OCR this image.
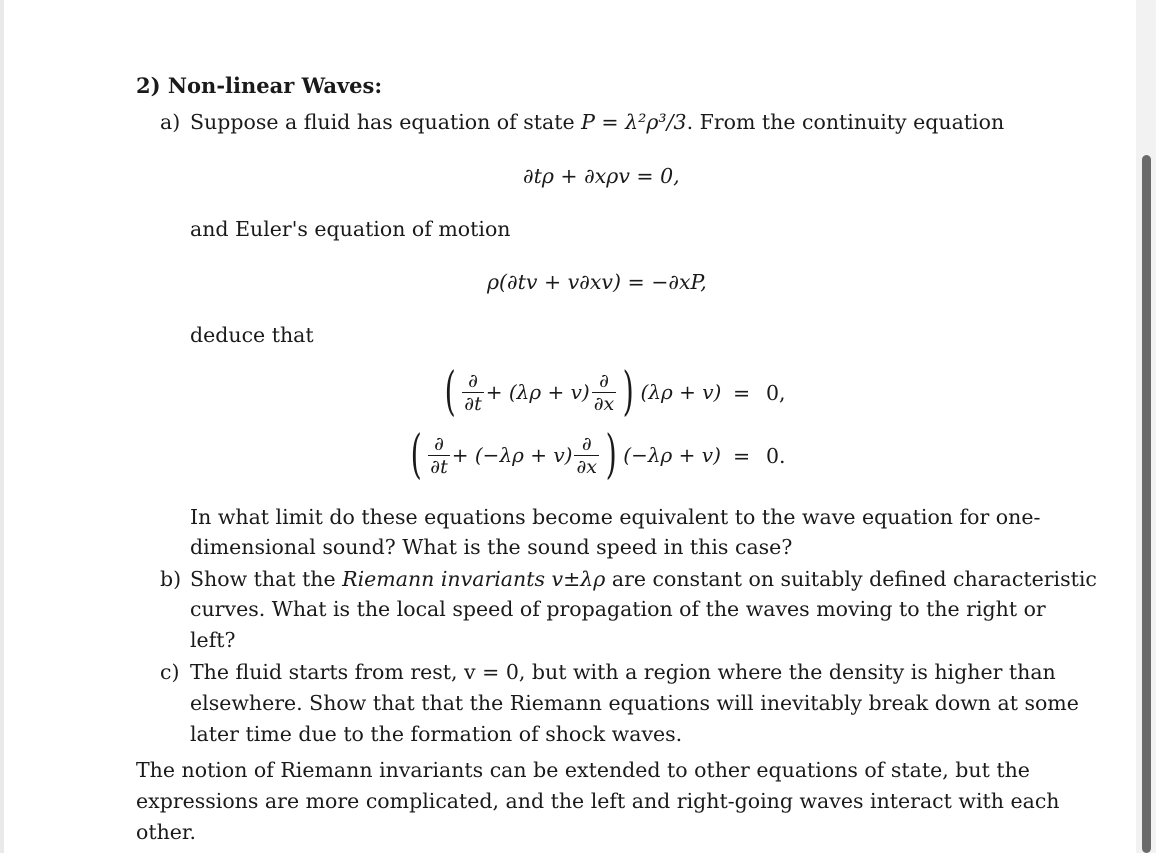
2) Non-linear Waves:
a) Suppose a fluid has equation of state P = λ²ρ³/3. From the continuity equation
∂tρ + ∂xρv = 0,
and Euler's equation of motion
ρ(∂tv + v∂xv) = −∂xP,
deduce that
( $\frac{\partial}{\partial t} + (\lambda\rho + v) \frac{\partial}{\partial x}$ ) (λρ + v) = 0,
( $\frac{\partial}{\partial t} + (-\lambda\rho + v) \frac{\partial}{\partial x}$ ) (−λρ + v) = 0.
In what limit do these equations become equivalent to the wave equation for one-
dimensional sound? What is the sound speed in this case?
b) Show that the Riemann invariants v±λρ are constant on suitably defined characteristic
curves. What is the local speed of propagation of the waves moving to the right or
left?
c) The fluid starts from rest, v = 0, but with a region where the density is higher than
elsewhere. Show that that the Riemann equations will inevitably break down at some
later time due to the formation of shock waves.
The notion of Riemann invariants can be extended to other equations of state, but the
expressions are more complicated, and the left and right-going waves interact with each
other.
